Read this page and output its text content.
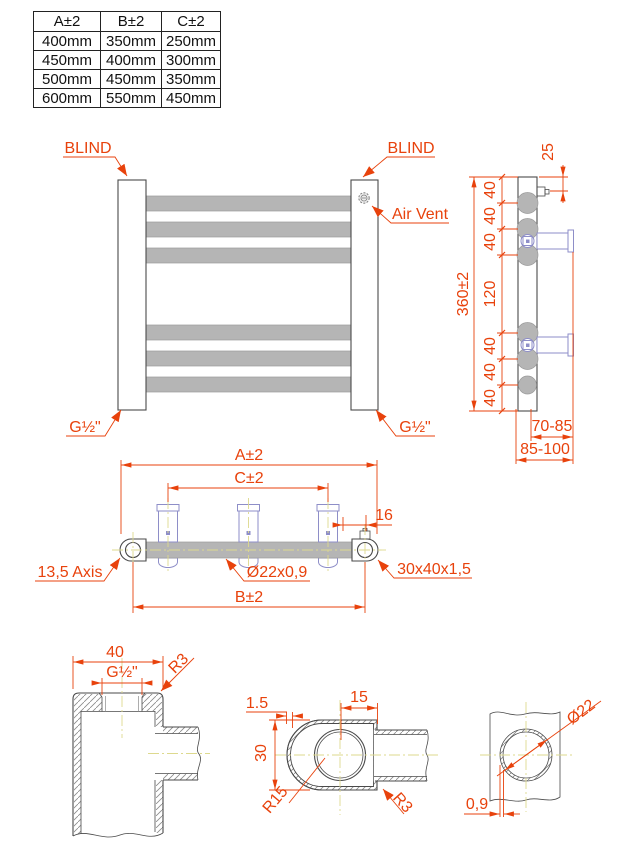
A±2	B±2	C±2
400mm	350mm	250mm
450mm	400mm	300mm
500mm	450mm	350mm
600mm	550mm	450mm
BLIND	BLIND
Air Vent
G½"	G½"
25
40
40
40
120
40
40
40
360±2
70-85
85-100
A±2
C±2
16
B±2
13,5 Axis	Ø22x0,9	30x40x1,5
40
G½" R3
1.5
30
15
R15	R3
Ø22
0,9
